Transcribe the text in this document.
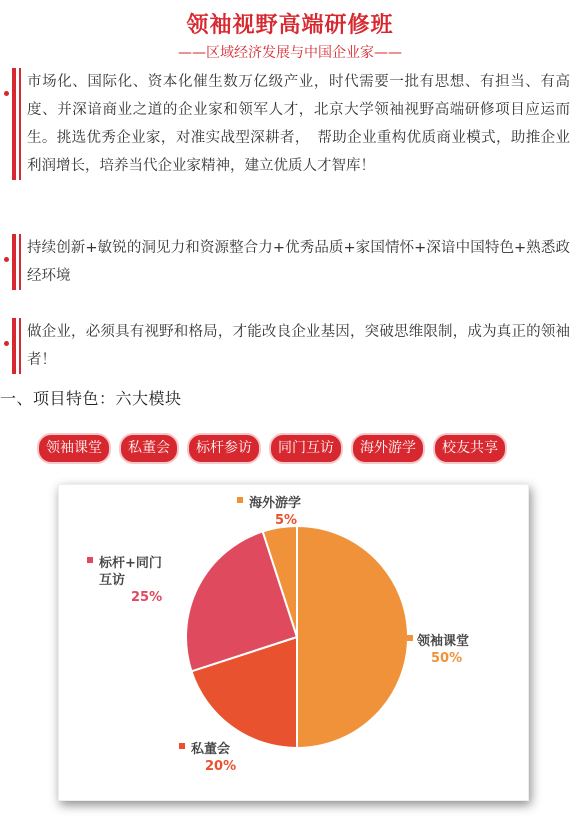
领袖视野高端研修班
——区域经济发展与中国企业家——
市场化、国际化、资本化催生数万亿级产业，时代需要一批有思想、有担当、有高度、并深谙商业之道的企业家和领军人才，北京大学领袖视野高端研修项目应运而生。挑选优秀企业家，对准实战型深耕者，　帮助企业重构优质商业模式，助推企业利润增长，培养当代企业家精神，建立优质人才智库！
持续创新+敏锐的洞见力和资源整合力+优秀品质+家国情怀+深谙中国特色+熟悉政经环境
做企业，必须具有视野和格局，才能改良企业基因，突破思维限制，成为真正的领袖者！
一、项目特色：六大模块
领袖课堂	私董会	标杆参访	同门互访	海外游学	校友共享
领袖课堂
50%
私董会
20%
标杆+同门
互访
25%
海外游学
5%
